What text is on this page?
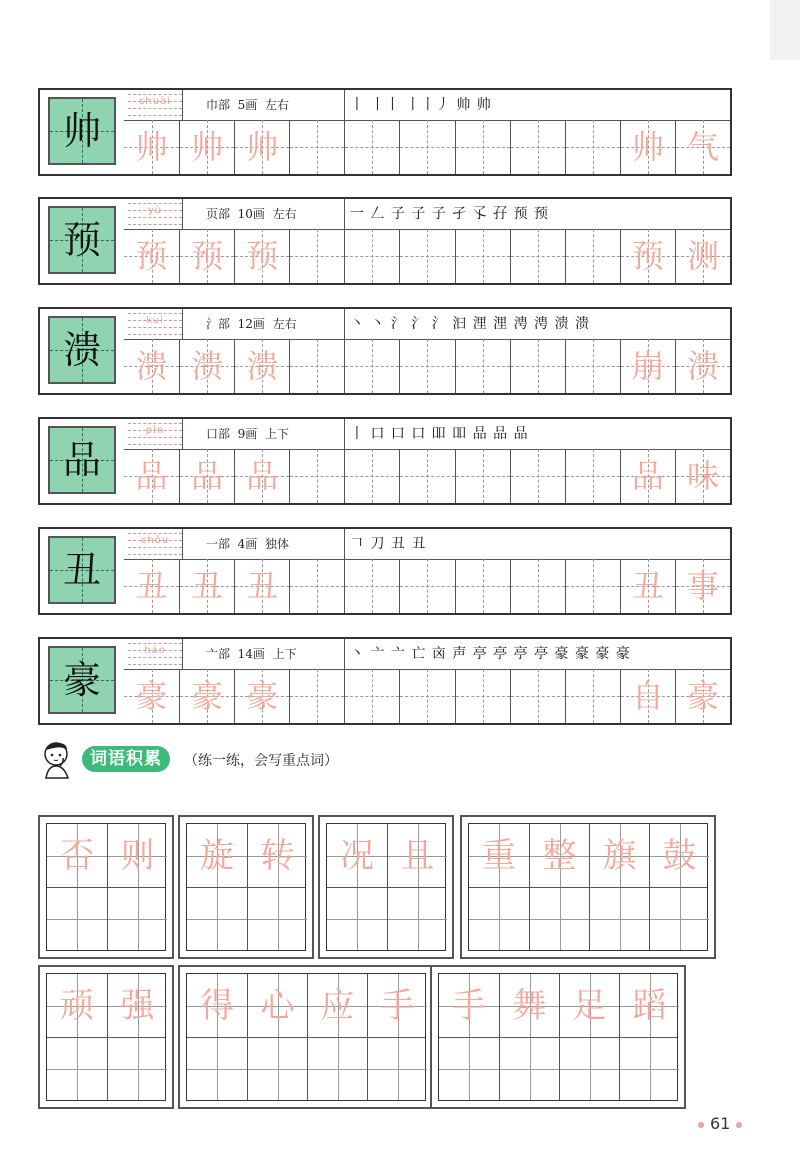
帅
shuài	巾部 5画 左右	丨 丨丨 丨丨丿 帅 帅
帅 帅 帅	帅 气
预
yù	页部 10画 左右	一 𠃋 子 子 子 孑 孓 孖 预 预
预 预 预	预 测
溃
kuì	氵部 12画 左右	丶 丶 氵 氵 氵 汩 浬 浬 涄 涄 溃 溃
溃 溃 溃	崩 溃
品
pǐn	口部 9画 上下	丨 口 口 口 吅 吅 品 品 品
品 品 品	品 味
丑
chǒu	一部 4画 独体	𠃍 刀 丑 丑
丑 丑 丑	丑 事
豪
háo	亠部 14画 上下	丶 亠 亠 亡 㐫 声 亭 亭 亭 亭 豪 豪 豪 豪
豪 豪 豪	自 豪
词语积累	（练一练，会写重点词）
否 则	旋 转	况 且	重 整 旗 鼓
顽 强	得 心 应 手	手 舞 足 蹈
61
